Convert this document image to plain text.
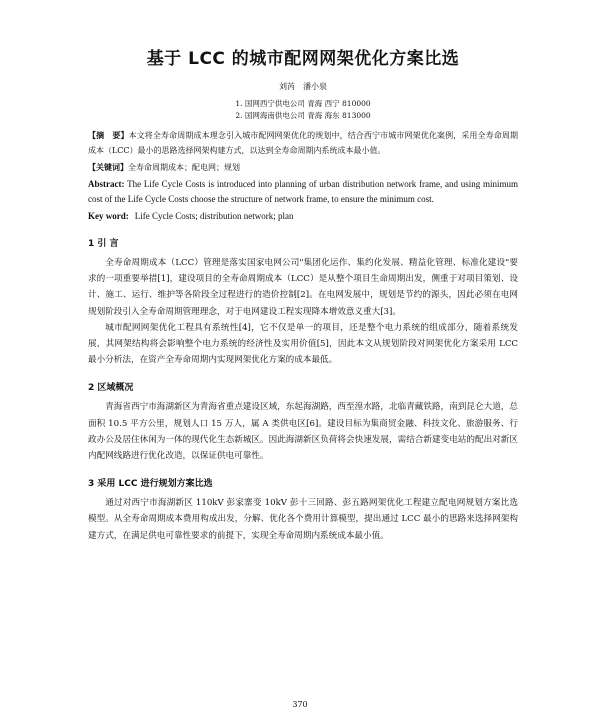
基于 LCC 的城市配网网架优化方案比选
刘芮　潘小泉

1. 国网西宁供电公司 青海 西宁 810000

2. 国网海南供电公司 青海 海东 813000

【摘　要】本文将全寿命周期成本理念引入城市配网网架优化的规划中，结合西宁市城市网架优化案例，采用全寿命周期成本（LCC）最小的思路选择网架构建方式，以达到全寿命周期内系统成本最小值。

【关键词】全寿命周期成本；配电网；规划

Abstract: The Life Cycle Costs is introduced into planning of urban distribution network frame, and using minimum cost of the Life Cycle Costs choose the structure of network frame, to ensure the minimum cost.

Key word: Life Cycle Costs; distribution network; plan

1 引 言

全寿命周期成本（LCC）管理是落实国家电网公司"集团化运作、集约化发展、精益化管理、标准化建设"要求的一项重要举措[1]，建设项目的全寿命周期成本（LCC）是从整个项目生命周期出发，侧重于对项目策划、设计、施工、运行、维护等各阶段全过程进行的造价控制[2]。在电网发展中，规划是节约的源头，因此必须在电网规划阶段引入全寿命周期管理理念，对于电网建设工程实现降本增效意义重大[3]。

城市配网网架优化工程具有系统性[4]，它不仅是单一的项目，还是整个电力系统的组成部分，随着系统发展，其网架结构将会影响整个电力系统的经济性及实用价值[5]，因此本文从规划阶段对网架优化方案采用 LCC 最小分析法，在资产全寿命周期内实现网架优化方案的成本最低。

2 区域概况

青海省西宁市海湖新区为青海省重点建设区域，东起海湖路，西至湟水路，北临青藏铁路，南到昆仑大道，总面积 10.5 平方公里，规划人口 15 万人，属 A 类供电区[6]。建设目标为集商贸金融、科技文化、旅游服务、行政办公及居住休闲为一体的现代化生态新城区。因此海湖新区负荷将会快速发展，需结合新建变电站的配出对新区内配网线路进行优化改造，以保证供电可靠性。

3 采用 LCC 进行规划方案比选

通过对西宁市海湖新区 110kV 彭家寨变 10kV 彭十三回路、彭五路网架优化工程建立配电网规划方案比选模型。从全寿命周期成本费用构成出发，分解、优化各个费用计算模型，提出通过 LCC 最小的思路来选择网架构建方式，在满足供电可靠性要求的前提下，实现全寿命周期内系统成本最小值。

370
